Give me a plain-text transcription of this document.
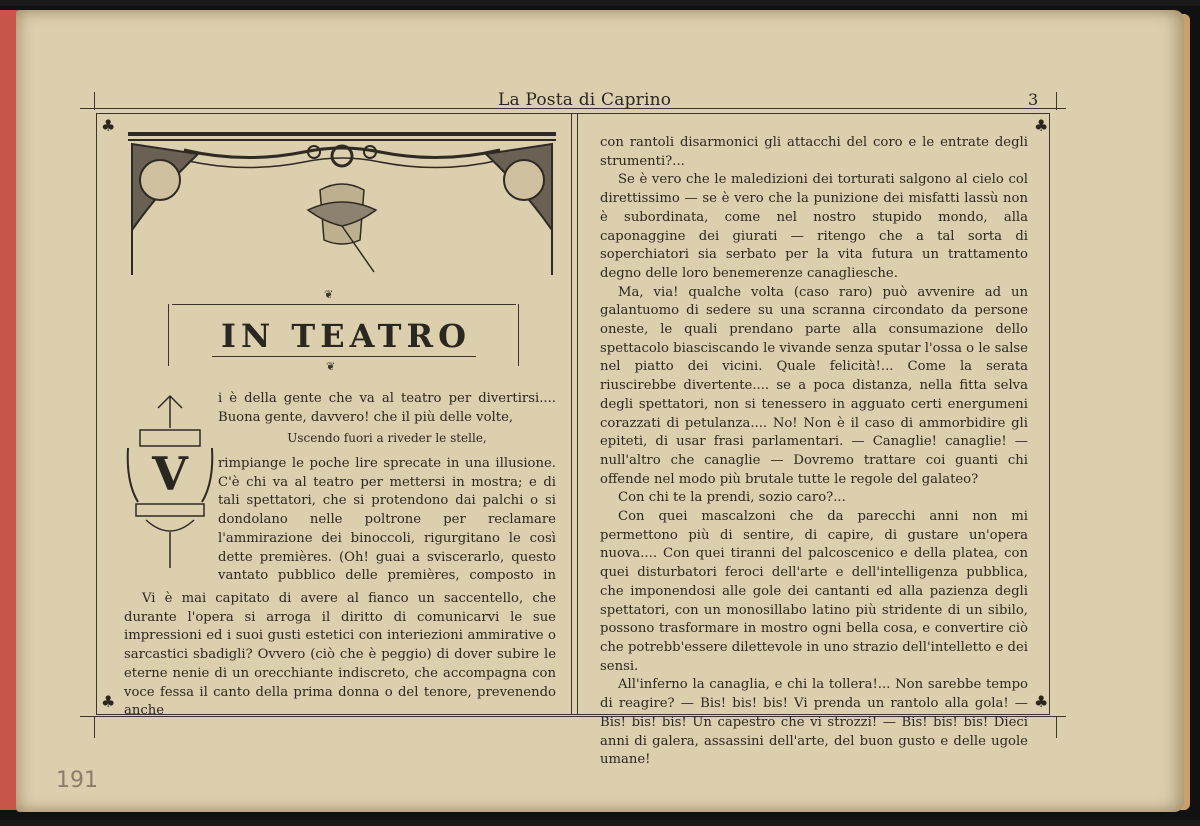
La Posta di Caprino	3
♣	♣
♣	♣
❦
❦
IN TEATRO
V

i è della gente che va al teatro per divertirsi.... Buona gente, davvero! che il più delle volte,

Uscendo fuori a riveder le stelle,

rimpiange le poche lire sprecate in una illusione. C'è chi va al teatro per mettersi in mostra; e di tali spettatori, che si protendono dai palchi o si dondolano nelle poltrone per reclamare l'ammirazione dei binoccoli, rigurgitano le così dette premières. (Oh! guai a sviscerarlo, questo vantato pubblico delle premières, composto in

Vi è mai capitato di avere al fianco un saccentello, che durante l'opera si arroga il diritto di comunicarvi le sue impressioni ed i suoi gusti estetici con interiezioni ammirative o sarcastici sbadigli? Ovvero (ciò che è peggio) di dover subire le eterne nenie di un orecchiante indiscreto, che accompagna con voce fessa il canto della prima donna o del tenore, prevenendo anche

con rantoli disarmonici gli attacchi del coro e le entrate degli strumenti?...

Se è vero che le maledizioni dei torturati salgono al cielo col direttissimo — se è vero che la punizione dei misfatti lassù non è subordinata, come nel nostro stupido mondo, alla caponaggine dei giurati — ritengo che a tal sorta di soperchiatori sia serbato per la vita futura un trattamento degno delle loro benemerenze canagliesche.

Ma, via! qualche volta (caso raro) può avvenire ad un galantuomo di sedere su una scranna circondato da persone oneste, le quali prendano parte alla consumazione dello spettacolo biasciscando le vivande senza sputar l'ossa o le salse nel piatto dei vicini. Quale felicità!... Come la serata riuscirebbe divertente.... se a poca distanza, nella fitta selva degli spettatori, non si tenessero in agguato certi energumeni corazzati di petulanza.... No! Non è il caso di ammorbidire gli epiteti, di usar frasi parlamentari. — Canaglie! canaglie! — null'altro che canaglie — Dovremo trattare coi guanti chi offende nel modo più brutale tutte le regole del galateo?

Con chi te la prendi, sozio caro?...

Con quei mascalzoni che da parecchi anni non mi permettono più di sentire, di capire, di gustare un'opera nuova.... Con quei tiranni del palcoscenico e della platea, con quei disturbatori feroci dell'arte e dell'intelligenza pubblica, che imponendosi alle gole dei cantanti ed alla pazienza degli spettatori, con un monosillabo latino più stridente di un sibilo, possono trasformare in mostro ogni bella cosa, e convertire ciò che potrebb'essere dilettevole in uno strazio dell'intelletto e dei sensi.

All'inferno la canaglia, e chi la tollera!... Non sarebbe tempo di reagire? — Bis! bis! bis! Vi prenda un rantolo alla gola! — Bis! bis! bis! Un capestro che vi strozzi! — Bis! bis! bis! Dieci anni di galera, assassini dell'arte, del buon gusto e delle ugole umane!

191
